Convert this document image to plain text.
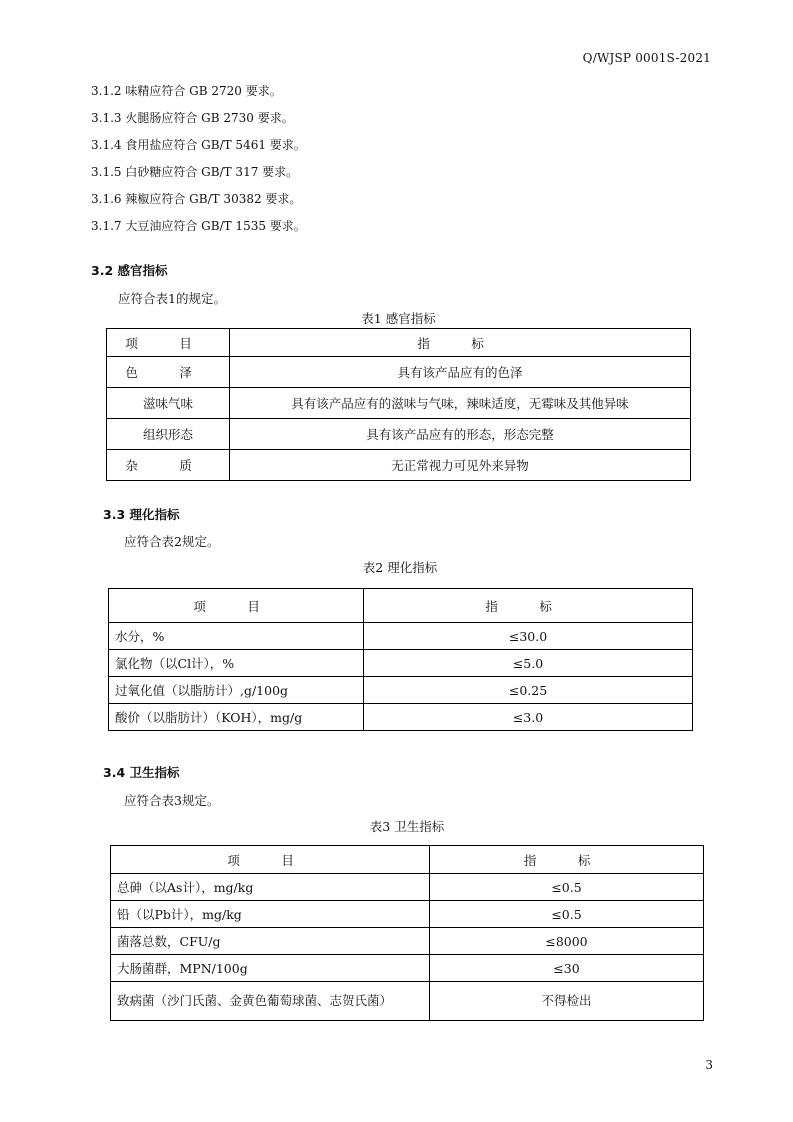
Q/WJSP 0001S-2021
3.1.2 味精应符合 GB 2720 要求。
3.1.3 火腿肠应符合 GB 2730 要求。
3.1.4 食用盐应符合 GB/T 5461 要求。
3.1.5 白砂糖应符合 GB/T 317 要求。
3.1.6 辣椒应符合 GB/T 30382 要求。
3.1.7 大豆油应符合 GB/T 1535 要求。
3.2 感官指标
应符合表1的规定。
表1 感官指标
项 目	指 标
色 泽	具有该产品应有的色泽
滋味气味	具有该产品应有的滋味与气味，辣味适度，无霉味及其他异味
组织形态	具有该产品应有的形态，形态完整
杂 质	无正常视力可见外来异物
3.3 理化指标
应符合表2规定。
表2 理化指标
项 目	指 标
水分，%	≤30.0
氯化物（以Cl计），%	≤5.0
过氧化值（以脂肪计）,g/100g	≤0.25
酸价（以脂肪计）（KOH），mg/g	≤3.0
3.4 卫生指标
应符合表3规定。
表3 卫生指标
项 目	指 标
总砷（以As计），mg/kg	≤0.5
铅（以Pb计），mg/kg	≤0.5
菌落总数，CFU/g	≤8000
大肠菌群，MPN/100g	≤30
致病菌（沙门氏菌、金黄色葡萄球菌、志贺氏菌）	不得检出
3
